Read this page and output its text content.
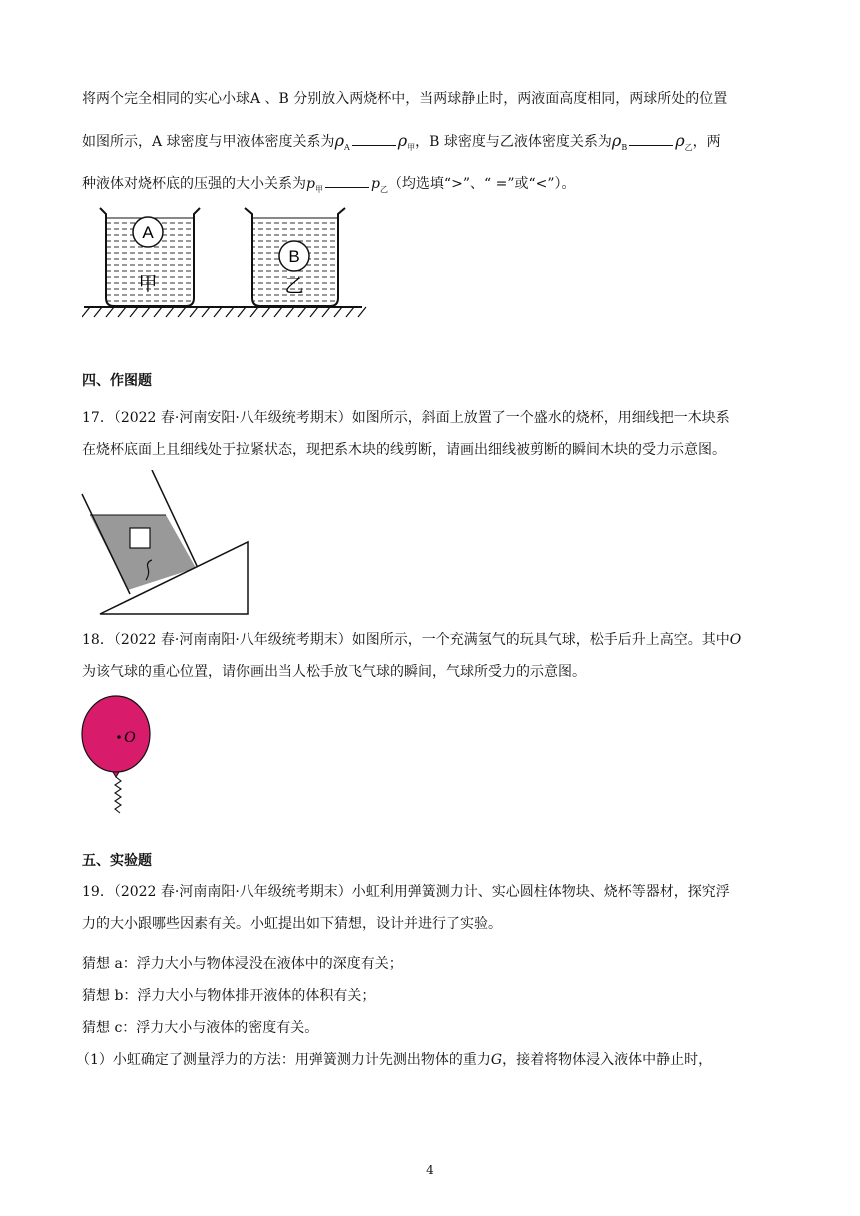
将两个完全相同的实心小球A 、B 分别放入两烧杯中，当两球静止时，两液面高度相同，两球所处的位置
如图所示，A 球密度与甲液体密度关系为$\rho_A$	$\rho_甲$，B 球密度与乙液体密度关系为$\rho_B$	$\rho_乙$，两
种液体对烧杯底的压强的大小关系为$p_甲$	$p_乙$（均选填“>”、“ =”或“<”）。
A
甲
B
乙
四、作图题
17．（2022 春·河南安阳·八年级统考期末）如图所示，斜面上放置了一个盛水的烧杯，用细线把一木块系
在烧杯底面上且细线处于拉紧状态，现把系木块的线剪断，请画出细线被剪断的瞬间木块的受力示意图。
18．（2022 春·河南南阳·八年级统考期末）如图所示，一个充满氢气的玩具气球，松手后升上高空。其中O
为该气球的重心位置，请你画出当人松手放飞气球的瞬间，气球所受力的示意图。
O
五、实验题
19．（2022 春·河南南阳·八年级统考期末）小虹利用弹簧测力计、实心圆柱体物块、烧杯等器材，探究浮
力的大小跟哪些因素有关。小虹提出如下猜想，设计并进行了实验。
猜想 a：浮力大小与物体浸没在液体中的深度有关；
猜想 b：浮力大小与物体排开液体的体积有关；
猜想 c：浮力大小与液体的密度有关。
（1）小虹确定了测量浮力的方法：用弹簧测力计先测出物体的重力G，接着将物体浸入液体中静止时，
4
